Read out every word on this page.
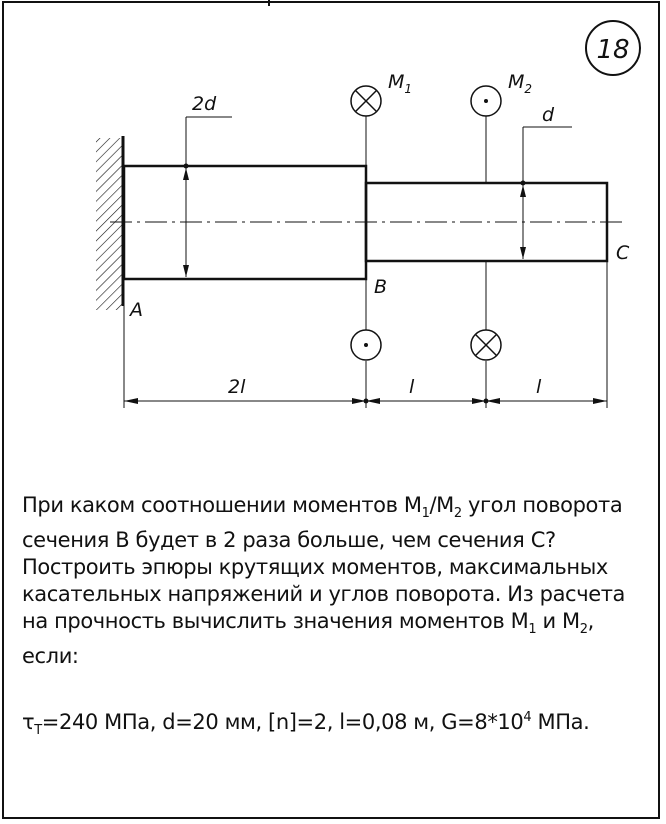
18
2d	d
$M_1$	$M_2$
A
B
C
2l	l	l

При каком соотношении моментов $M_1/M_2$ угол поворота

сечения B будет в 2 раза больше, чем сечения C?

Построить эпюры крутящих моментов, максимальных

касательных напряжений и углов поворота. Из расчета

на прочность вычислить значения моментов $M_1$ и $M_2$,

если:

$\tau_T=240$ МПа, d=20 мм, [n]=2, l=0,08 м, $G=8*10^4$ МПа.
